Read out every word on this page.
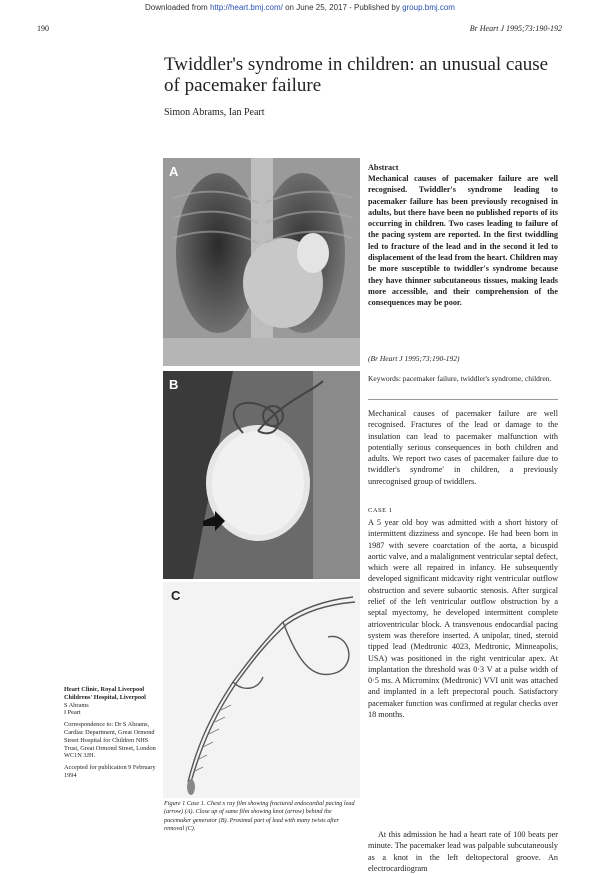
Downloaded from http://heart.bmj.com/ on June 25, 2017 - Published by group.bmj.com
190	Br Heart J 1995;73:190-192
Twiddler's syndrome in children: an unusual cause of pacemaker failure
Simon Abrams, Ian Peart
A
B
C
Figure 1 Case 1. Chest x ray film showing fractured endocardial pacing lead (arrow) (A). Close up of same film showing knot (arrow) behind the pacemaker generator (B). Proximal part of lead with many twists after removal (C).
Heart Clinic, Royal Liverpool Childrens' Hospital, Liverpool
S Abrams
I Peart
Correspondence to: Dr S Abrams, Cardiac Department, Great Ormond Street Hospital for Children NHS Trust, Great Ormond Street, London WC1N 3JH.
Accepted for publication 9 February 1994
Abstract
Mechanical causes of pacemaker failure are well recognised. Twiddler's syndrome leading to pacemaker failure has been previously recognised in adults, but there have been no published reports of its occurring in children. Two cases leading to failure of the pacing system are reported. In the first twiddling led to fracture of the lead and in the second it led to displacement of the lead from the heart. Children may be more susceptible to twiddler's syndrome because they have thinner subcutaneous tissues, making leads more accessible, and their comprehension of the consequences may be poor.
(Br Heart J 1995;73:190-192)
Keywords: pacemaker failure, twiddler's syndrome, children.
Mechanical causes of pacemaker failure are well recognised. Fractures of the lead or damage to the insulation can lead to pacemaker malfunction with potentially serious consequences in both children and adults. We report two cases of pacemaker failure due to twiddler's syndrome' in children, a previously unrecognised group of twiddlers.
CASE 1
A 5 year old boy was admitted with a short history of intermittent dizziness and syncope. He had been born in 1987 with severe coarctation of the aorta, a bicuspid aortic valve, and a malalignment ventricular septal defect, which were all repaired in infancy. He subsequently developed significant midcavity right ventricular outflow obstruction and severe subaortic stenosis. After surgical relief of the left ventricular outflow obstruction by a septal myectomy, he developed intermittent complete atrioventricular block. A transvenous endocardial pacing system was therefore inserted. A unipolar, tined, steroid tipped lead (Medtronic 4023, Medtronic, Minneapolis, USA) was positioned in the right ventricular apex. At implantation the threshold was 0·3 V at a pulse width of 0·5 ms. A Microminx (Medtronic) VVI unit was attached and implanted in a left prepectoral pouch. Satisfactory pacemaker function was confirmed at regular checks over 18 months.
At this admission he had a heart rate of 100 beats per minute. The pacemaker lead was palpable subcutaneously as a knot in the left deltopectoral groove. An electrocardiogram
